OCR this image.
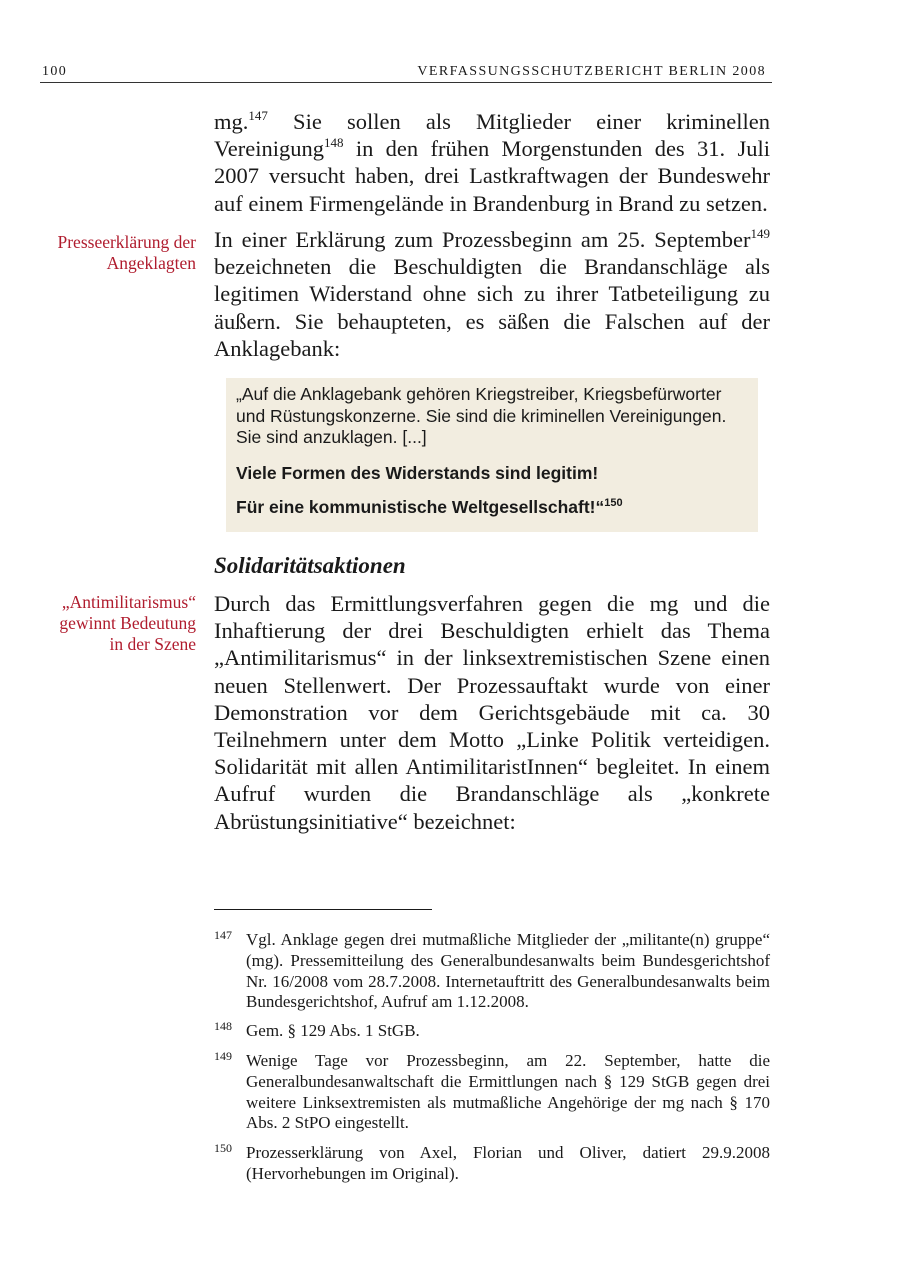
100	VERFASSUNGSSCHUTZBERICHT BERLIN 2008

mg.$^{147}$ Sie sollen als Mitglieder einer kriminellen Vereinigung$^{148}$ in den frühen Morgenstunden des 31. Juli 2007 versucht haben, drei Lastkraftwagen der Bundeswehr auf einem Firmengelände in Brandenburg in Brand zu setzen.

Presseerklärung der
Angeklagten

In einer Erklärung zum Prozessbeginn am 25. September$^{149}$ bezeichneten die Beschuldigten die Brandanschläge als legitimen Widerstand ohne sich zu ihrer Tatbeteiligung zu äußern. Sie behaupteten, es säßen die Falschen auf der Anklagebank:

„Auf die Anklagebank gehören Kriegstreiber, Kriegsbefürworter und Rüstungskonzerne. Sie sind die kriminellen Vereinigungen. Sie sind anzuklagen. [...]

Viele Formen des Widerstands sind legitim!

Für eine kommunistische Weltgesellschaft!“$^{150}$

Solidaritätsaktionen
„Antimilitarismus“
gewinnt Bedeutung
in der Szene

Durch das Ermittlungsverfahren gegen die mg und die Inhaftierung der drei Beschuldigten erhielt das Thema „Antimilitarismus“ in der linksextremistischen Szene einen neuen Stellenwert. Der Prozessauftakt wurde von einer Demonstration vor dem Gerichtsgebäude mit ca. 30 Teilnehmern unter dem Motto „Linke Politik verteidigen. Solidarität mit allen AntimilitaristInnen“ begleitet. In einem Aufruf wurden die Brandanschläge als „konkrete Abrüstungsinitiative“ bezeichnet:

147 Vgl. Anklage gegen drei mutmaßliche Mitglieder der „militante(n) gruppe“ (mg). Pressemitteilung des Generalbundesanwalts beim Bundesgerichtshof Nr. 16/2008 vom 28.7.2008. Internetauftritt des Generalbundesanwalts beim Bundesgerichtshof, Aufruf am 1.12.2008.
148 Gem. § 129 Abs. 1 StGB.
149 Wenige Tage vor Prozessbeginn, am 22. September, hatte die Generalbundesanwaltschaft die Ermittlungen nach § 129 StGB gegen drei weitere Linksextremisten als mutmaßliche Angehörige der mg nach § 170 Abs. 2 StPO eingestellt.
150 Prozesserklärung von Axel, Florian und Oliver, datiert 29.9.2008 (Hervorhebungen im Original).
